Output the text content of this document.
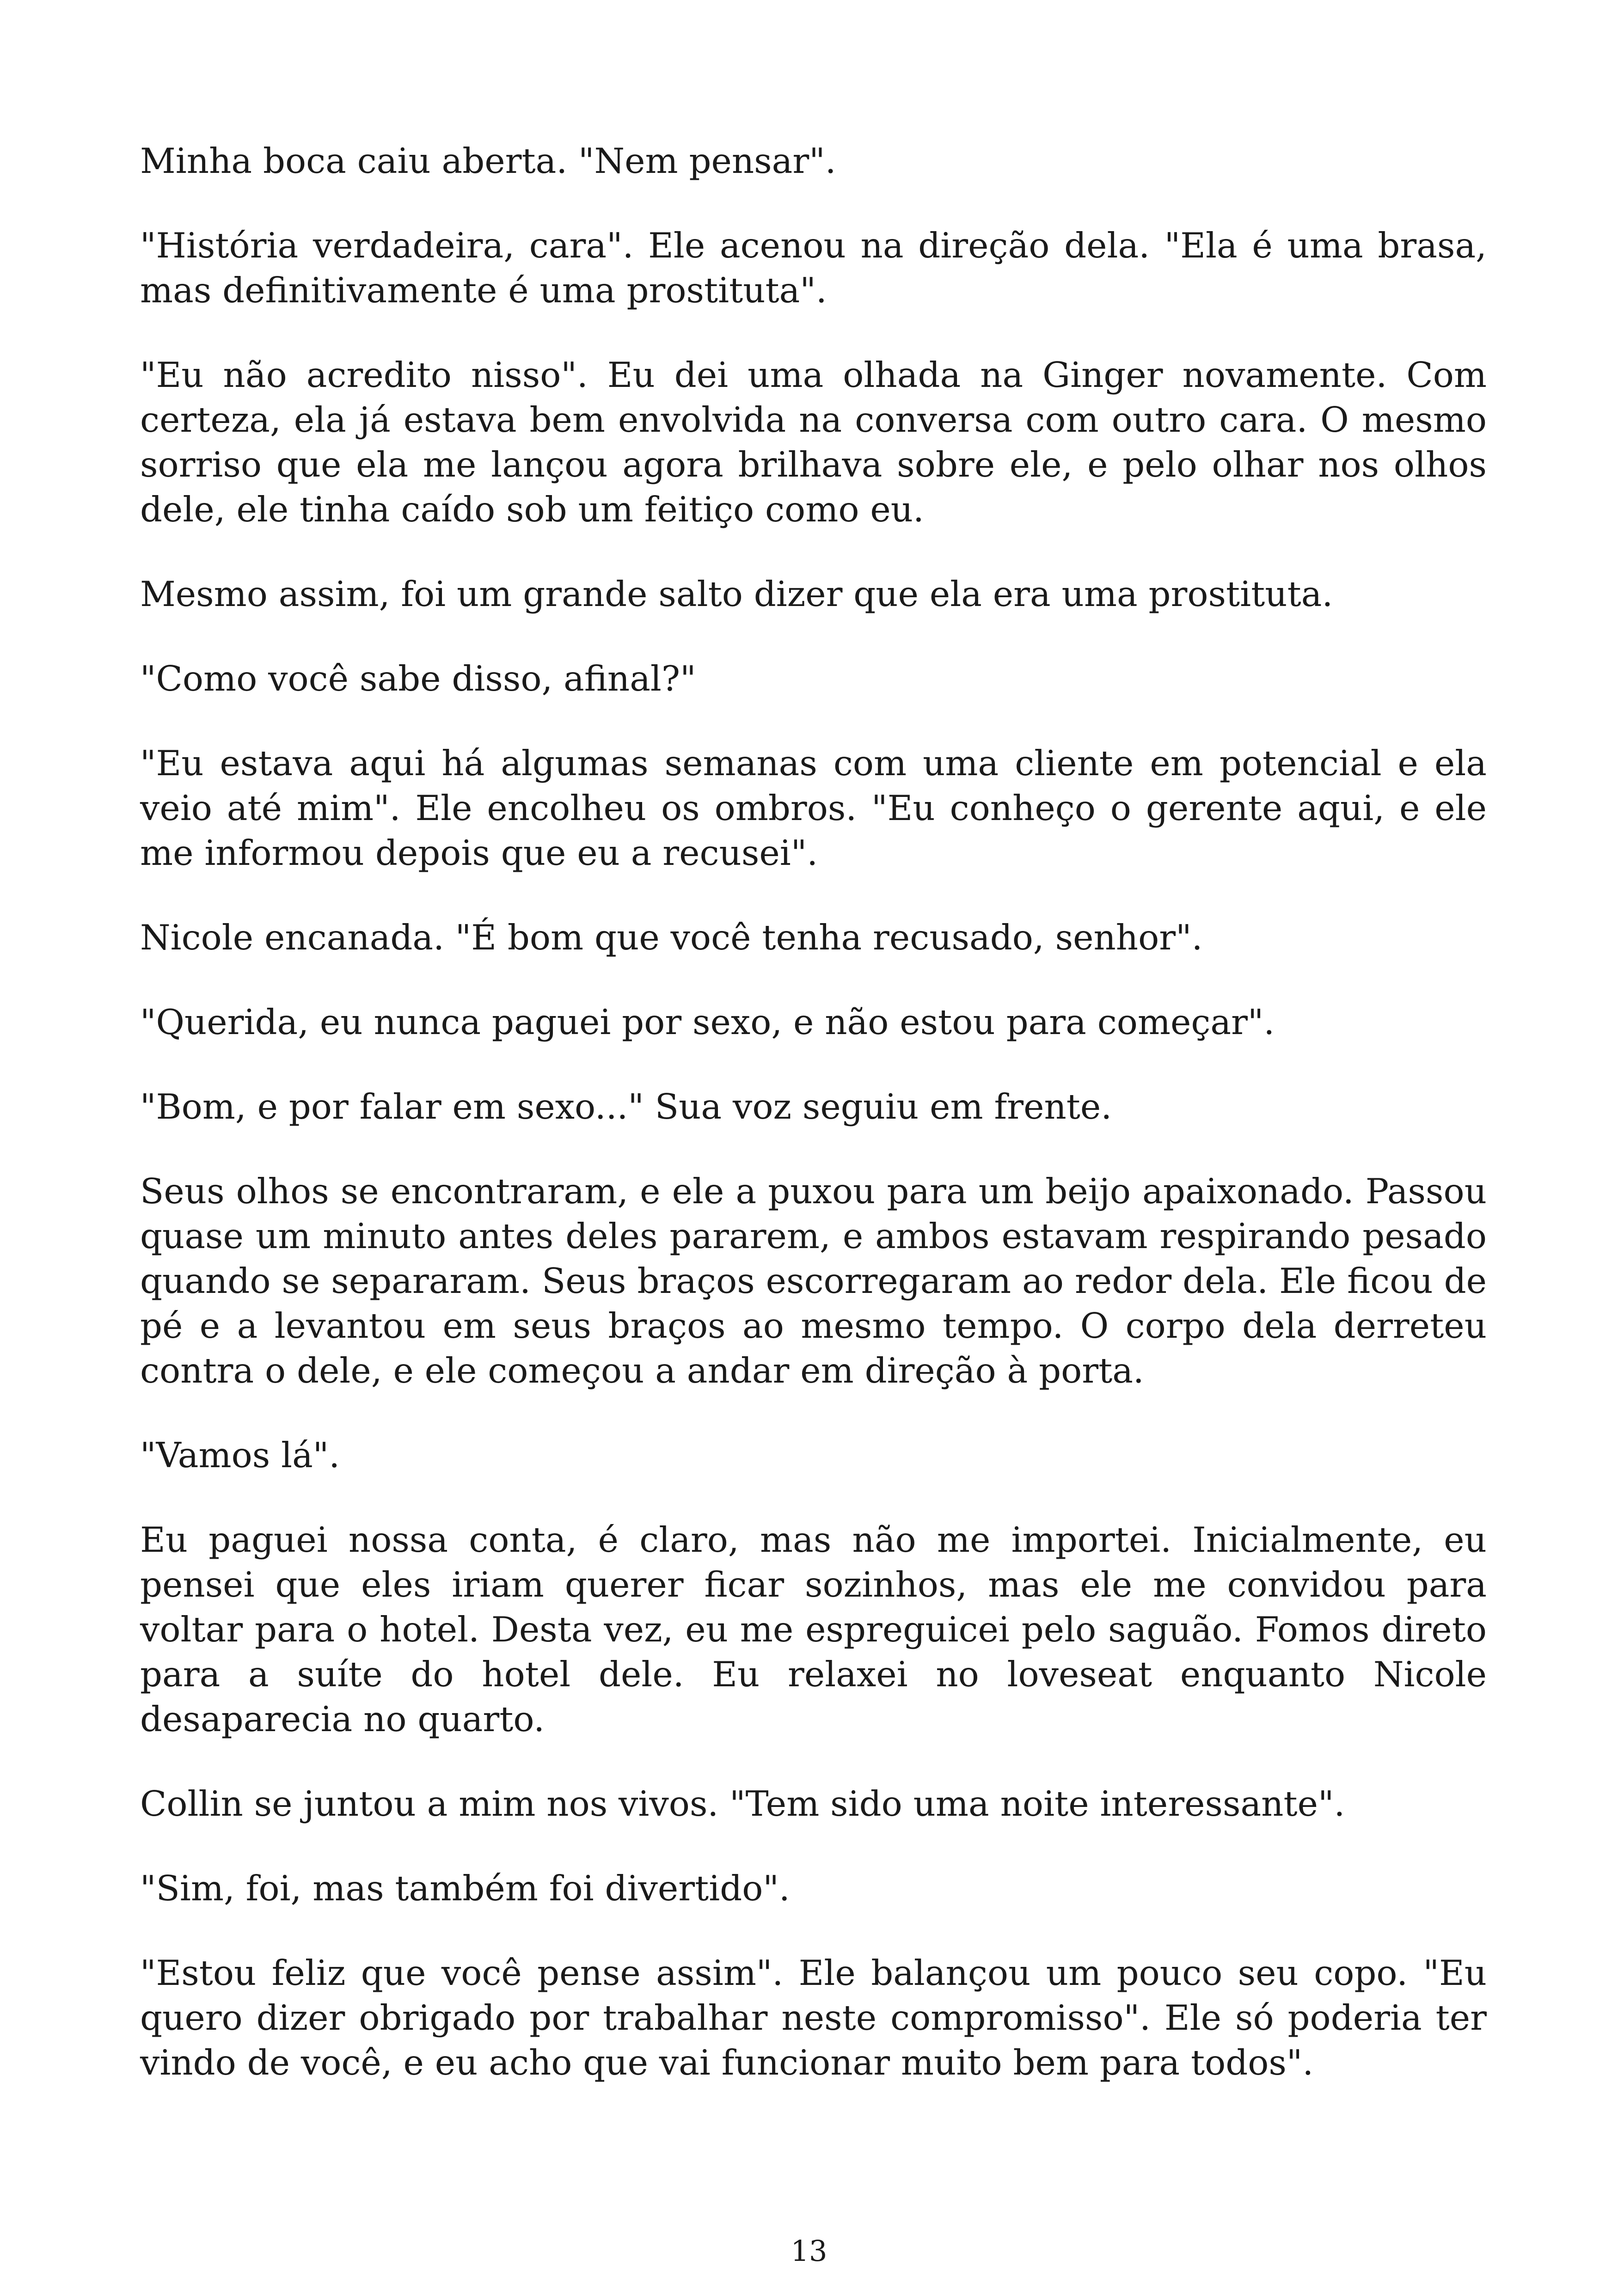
Minha boca caiu aberta. "Nem pensar".

"História verdadeira, cara". Ele acenou na direção dela. "Ela é uma brasa, mas definitivamente é uma prostituta".

"Eu não acredito nisso". Eu dei uma olhada na Ginger novamente. Com certeza, ela já estava bem envolvida na conversa com outro cara. O mesmo sorriso que ela me lançou agora brilhava sobre ele, e pelo olhar nos olhos dele, ele tinha caído sob um feitiço como eu.

Mesmo assim, foi um grande salto dizer que ela era uma prostituta.

"Como você sabe disso, afinal?"

"Eu estava aqui há algumas semanas com uma cliente em potencial e ela veio até mim". Ele encolheu os ombros. "Eu conheço o gerente aqui, e ele me informou depois que eu a recusei".

Nicole encanada. "É bom que você tenha recusado, senhor".

"Querida, eu nunca paguei por sexo, e não estou para começar".

"Bom, e por falar em sexo..." Sua voz seguiu em frente.

Seus olhos se encontraram, e ele a puxou para um beijo apaixonado. Passou quase um minuto antes deles pararem, e ambos estavam respirando pesado quando se separaram. Seus braços escorregaram ao redor dela. Ele ficou de pé e a levantou em seus braços ao mesmo tempo. O corpo dela derreteu contra o dele, e ele começou a andar em direção à porta.

"Vamos lá".

Eu paguei nossa conta, é claro, mas não me importei. Inicialmente, eu pensei que eles iriam querer ficar sozinhos, mas ele me convidou para voltar para o hotel. Desta vez, eu me espreguicei pelo saguão. Fomos direto para a suíte do hotel dele. Eu relaxei no loveseat enquanto Nicole desaparecia no quarto.

Collin se juntou a mim nos vivos. "Tem sido uma noite interessante".

"Sim, foi, mas também foi divertido".

"Estou feliz que você pense assim". Ele balançou um pouco seu copo. "Eu quero dizer obrigado por trabalhar neste compromisso". Ele só poderia ter vindo de você, e eu acho que vai funcionar muito bem para todos".

13
